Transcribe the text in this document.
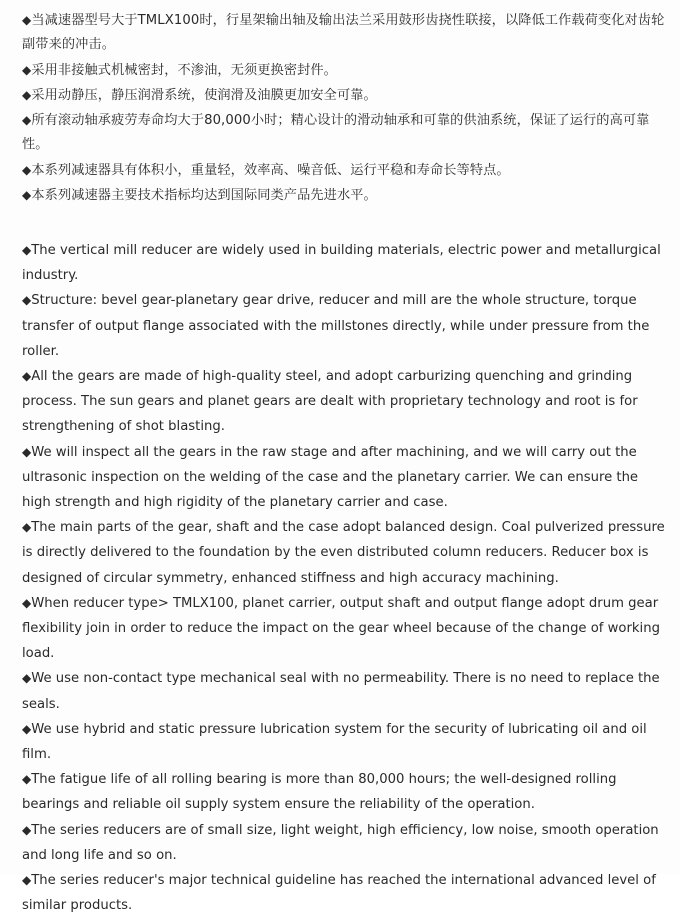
◆当减速器型号大于TMLX100时，行星架输出轴及输出法兰采用鼓形齿挠性联接，以降低工作载荷变化对齿轮副带来的冲击。

◆采用非接触式机械密封，不渗油，无须更换密封件。

◆采用动静压，静压润滑系统，使润滑及油膜更加安全可靠。

◆所有滚动轴承疲劳寿命均大于80,000小时；精心设计的滑动轴承和可靠的供油系统，保证了运行的高可靠性。

◆本系列减速器具有体积小，重量轻，效率高、噪音低、运行平稳和寿命长等特点。

◆本系列减速器主要技术指标均达到国际同类产品先进水平。

◆The vertical mill reducer are widely used in building materials, electric power and metallurgical industry.

◆Structure: bevel gear-planetary gear drive, reducer and mill are the whole structure, torque transfer of output flange associated with the millstones directly, while under pressure from the roller.

◆All the gears are made of high-quality steel, and adopt carburizing quenching and grinding process. The sun gears and planet gears are dealt with proprietary technology and root is for strengthening of shot blasting.

◆We will inspect all the gears in the raw stage and after machining, and we will carry out the ultrasonic inspection on the welding of the case and the planetary carrier. We can ensure the high strength and high rigidity of the planetary carrier and case.

◆The main parts of the gear, shaft and the case adopt balanced design. Coal pulverized pressure is directly delivered to the foundation by the even distributed column reducers. Reducer box is designed of circular symmetry, enhanced stiffness and high accuracy machining.

◆When reducer type> TMLX100, planet carrier, output shaft and output flange adopt drum gear flexibility join in order to reduce the impact on the gear wheel because of the change of working load.

◆We use non-contact type mechanical seal with no permeability. There is no need to replace the seals.

◆We use hybrid and static pressure lubrication system for the security of lubricating oil and oil film.

◆The fatigue life of all rolling bearing is more than 80,000 hours; the well-designed rolling bearings and reliable oil supply system ensure the reliability of the operation.

◆The series reducers are of small size, light weight, high efficiency, low noise, smooth operation and long life and so on.

◆The series reducer's major technical guideline has reached the international advanced level of similar products.
